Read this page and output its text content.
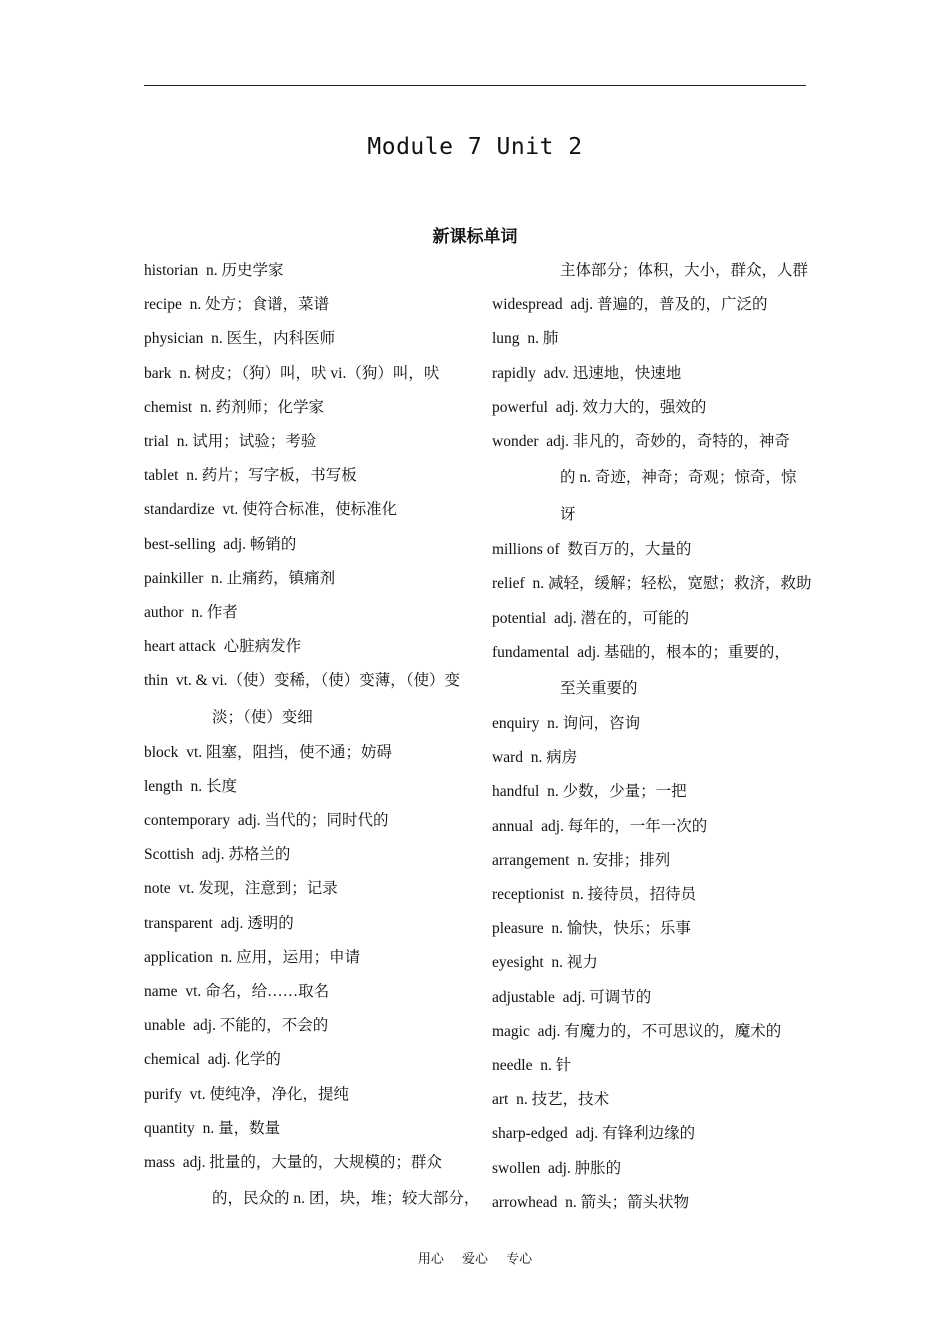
Module 7 Unit 2
新课标单词
historian n. 历史学家
recipe n. 处方；食谱，菜谱
physician n. 医生，内科医师
bark n. 树皮；（狗）叫，吠 vi.（狗）叫，吠
chemist n. 药剂师；化学家
trial n. 试用；试验；考验
tablet n. 药片；写字板，书写板
standardize vt. 使符合标准，使标准化
best-selling adj. 畅销的
painkiller n. 止痛药，镇痛剂
author n. 作者
heart attack 心脏病发作
thin vt. & vi.（使）变稀，（使）变薄，（使）变
淡；（使）变细
block vt. 阻塞，阻挡，使不通；妨碍
length n. 长度
contemporary adj. 当代的；同时代的
Scottish adj. 苏格兰的
note vt. 发现，注意到；记录
transparent adj. 透明的
application n. 应用，运用；申请
name vt. 命名，给……取名
unable adj. 不能的，不会的
chemical adj. 化学的
purify vt. 使纯净，净化，提纯
quantity n. 量，数量
mass adj. 批量的，大量的，大规模的；群众
的，民众的 n. 团，块，堆；较大部分，
主体部分；体积，大小，群众，人群
widespread adj. 普遍的，普及的，广泛的
lung n. 肺
rapidly adv. 迅速地，快速地
powerful adj. 效力大的，强效的
wonder adj. 非凡的，奇妙的，奇特的，神奇
的 n. 奇迹，神奇；奇观；惊奇，惊
讶
millions of 数百万的，大量的
relief n. 减轻，缓解；轻松，宽慰；救济，救助
potential adj. 潜在的，可能的
fundamental adj. 基础的，根本的；重要的，
至关重要的
enquiry n. 询问，咨询
ward n. 病房
handful n. 少数，少量；一把
annual adj. 每年的，一年一次的
arrangement n. 安排；排列
receptionist n. 接待员，招待员
pleasure n. 愉快，快乐；乐事
eyesight n. 视力
adjustable adj. 可调节的
magic adj. 有魔力的，不可思议的，魔术的
needle n. 针
art n. 技艺，技术
sharp-edged adj. 有锋利边缘的
swollen adj. 肿胀的
arrowhead n. 箭头；箭头状物
用心 爱心 专心
